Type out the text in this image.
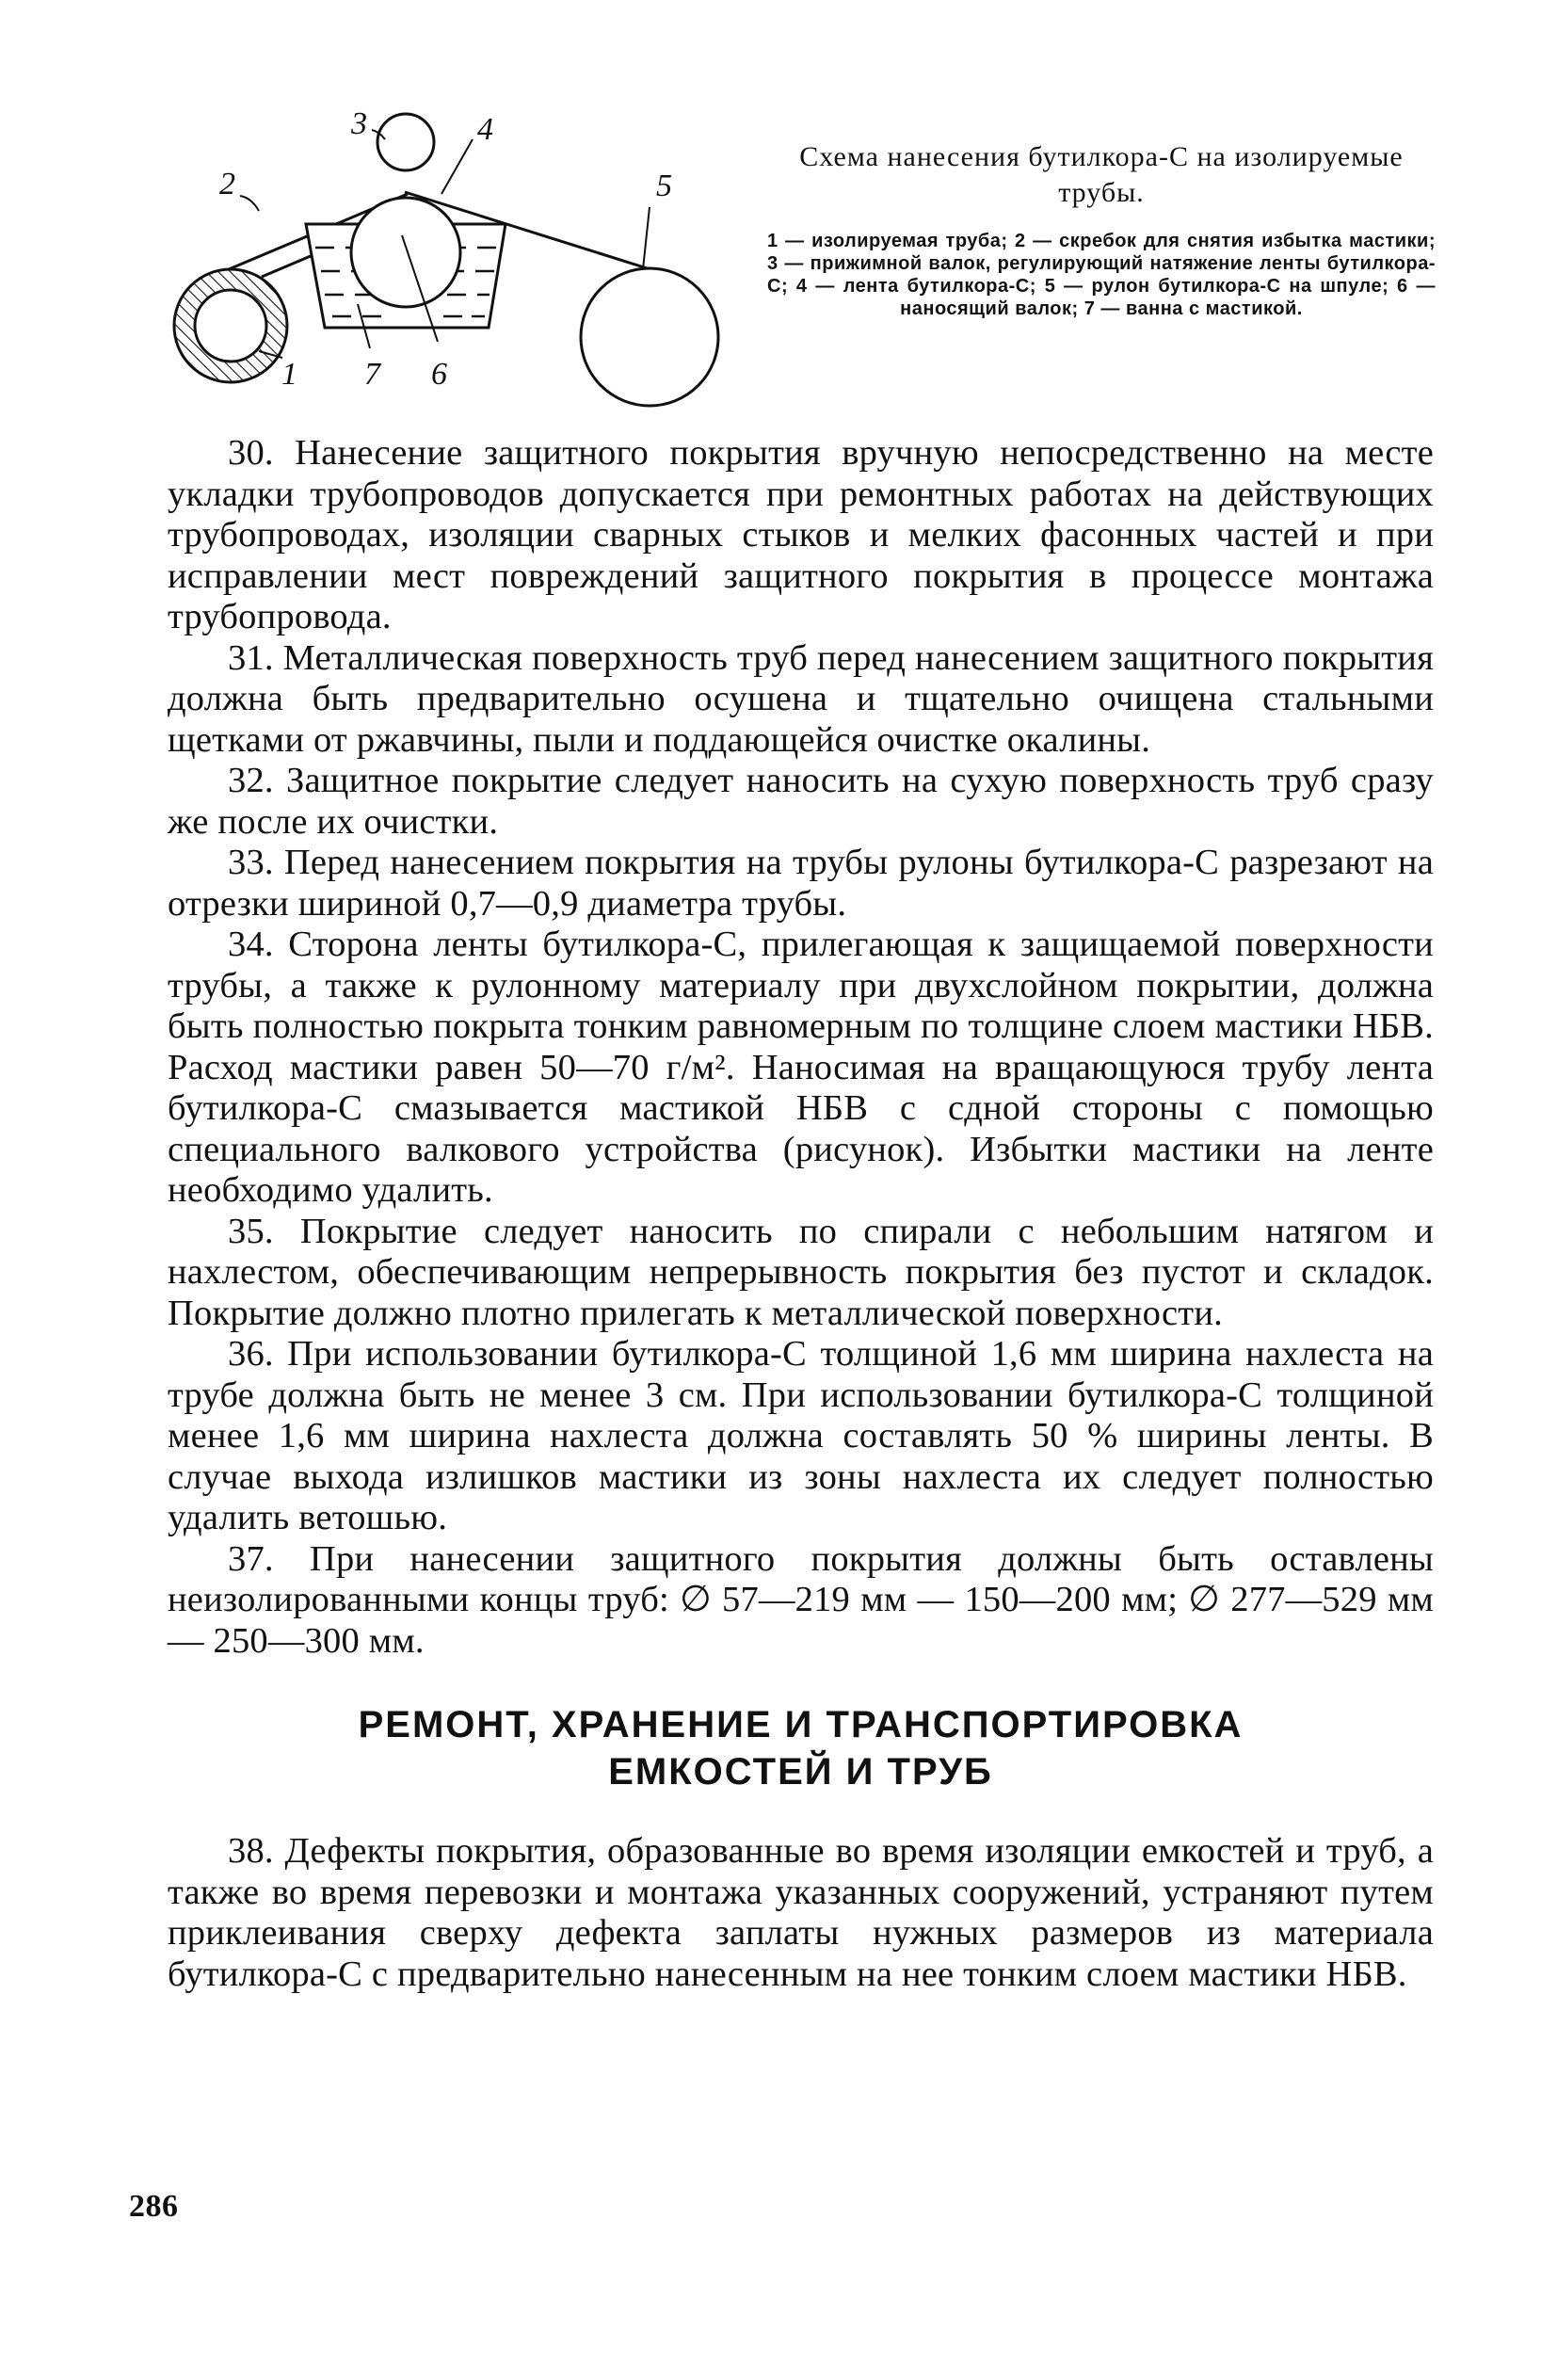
3
2
4
5
1 7 6

Схема нанесения бутилкора-С на изолируемые трубы.

1 — изолируемая труба; 2 — скребок для снятия избытка мастики; 3 — прижимной валок, регулирующий натяжение ленты бутилкора-С; 4 — лента бутилкора-С; 5 — рулон бутилкора-С на шпуле; 6 — наносящий валок; 7 — ванна с мастикой.

30. Нанесение защитного покрытия вручную непосредственно на месте укладки трубопроводов допускается при ремонтных работах на действующих трубопроводах, изоляции сварных стыков и мелких фасонных частей и при исправлении мест повреждений защитного покрытия в процессе монтажа трубопровода.

31. Металлическая поверхность труб перед нанесением защитного покрытия должна быть предварительно осушена и тщательно очищена стальными щетками от ржавчины, пыли и поддающейся очистке окалины.

32. Защитное покрытие следует наносить на сухую поверхность труб сразу же после их очистки.

33. Перед нанесением покрытия на трубы рулоны бутилкора-С разрезают на отрезки шириной 0,7—0,9 диаметра трубы.

34. Сторона ленты бутилкора-С, прилегающая к защищаемой поверхности трубы, а также к рулонному материалу при двухслойном покрытии, должна быть полностью покрыта тонким равномерным по толщине слоем мастики НБВ. Расход мастики равен 50—70 г/м². Наносимая на вращающуюся трубу лента бутилкора-С смазывается мастикой НБВ с сдной стороны с помощью специального валкового устройства (рисунок). Избытки мастики на ленте необходимо удалить.

35. Покрытие следует наносить по спирали с небольшим натягом и нахлестом, обеспечивающим непрерывность покрытия без пустот и складок. Покрытие должно плотно прилегать к металлической поверхности.

36. При использовании бутилкора-С толщиной 1,6 мм ширина нахлеста на трубе должна быть не менее 3 см. При использовании бутилкора-С толщиной менее 1,6 мм ширина нахлеста должна составлять 50 % ширины ленты. В случае выхода излишков мастики из зоны нахлеста их следует полностью удалить ветошью.

37. При нанесении защитного покрытия должны быть оставлены неизолированными концы труб: ∅ 57—219 мм — 150—200 мм; ∅ 277—529 мм — 250—300 мм.

РЕМОНТ, ХРАНЕНИЕ И ТРАНСПОРТИРОВКА
ЕМКОСТЕЙ И ТРУБ

38. Дефекты покрытия, образованные во время изоляции емкостей и труб, а также во время перевозки и монтажа указанных сооружений, устраняют путем приклеивания сверху дефекта заплаты нужных размеров из материала бутилкора-С с предварительно нанесенным на нее тонким слоем мастики НБВ.

286
